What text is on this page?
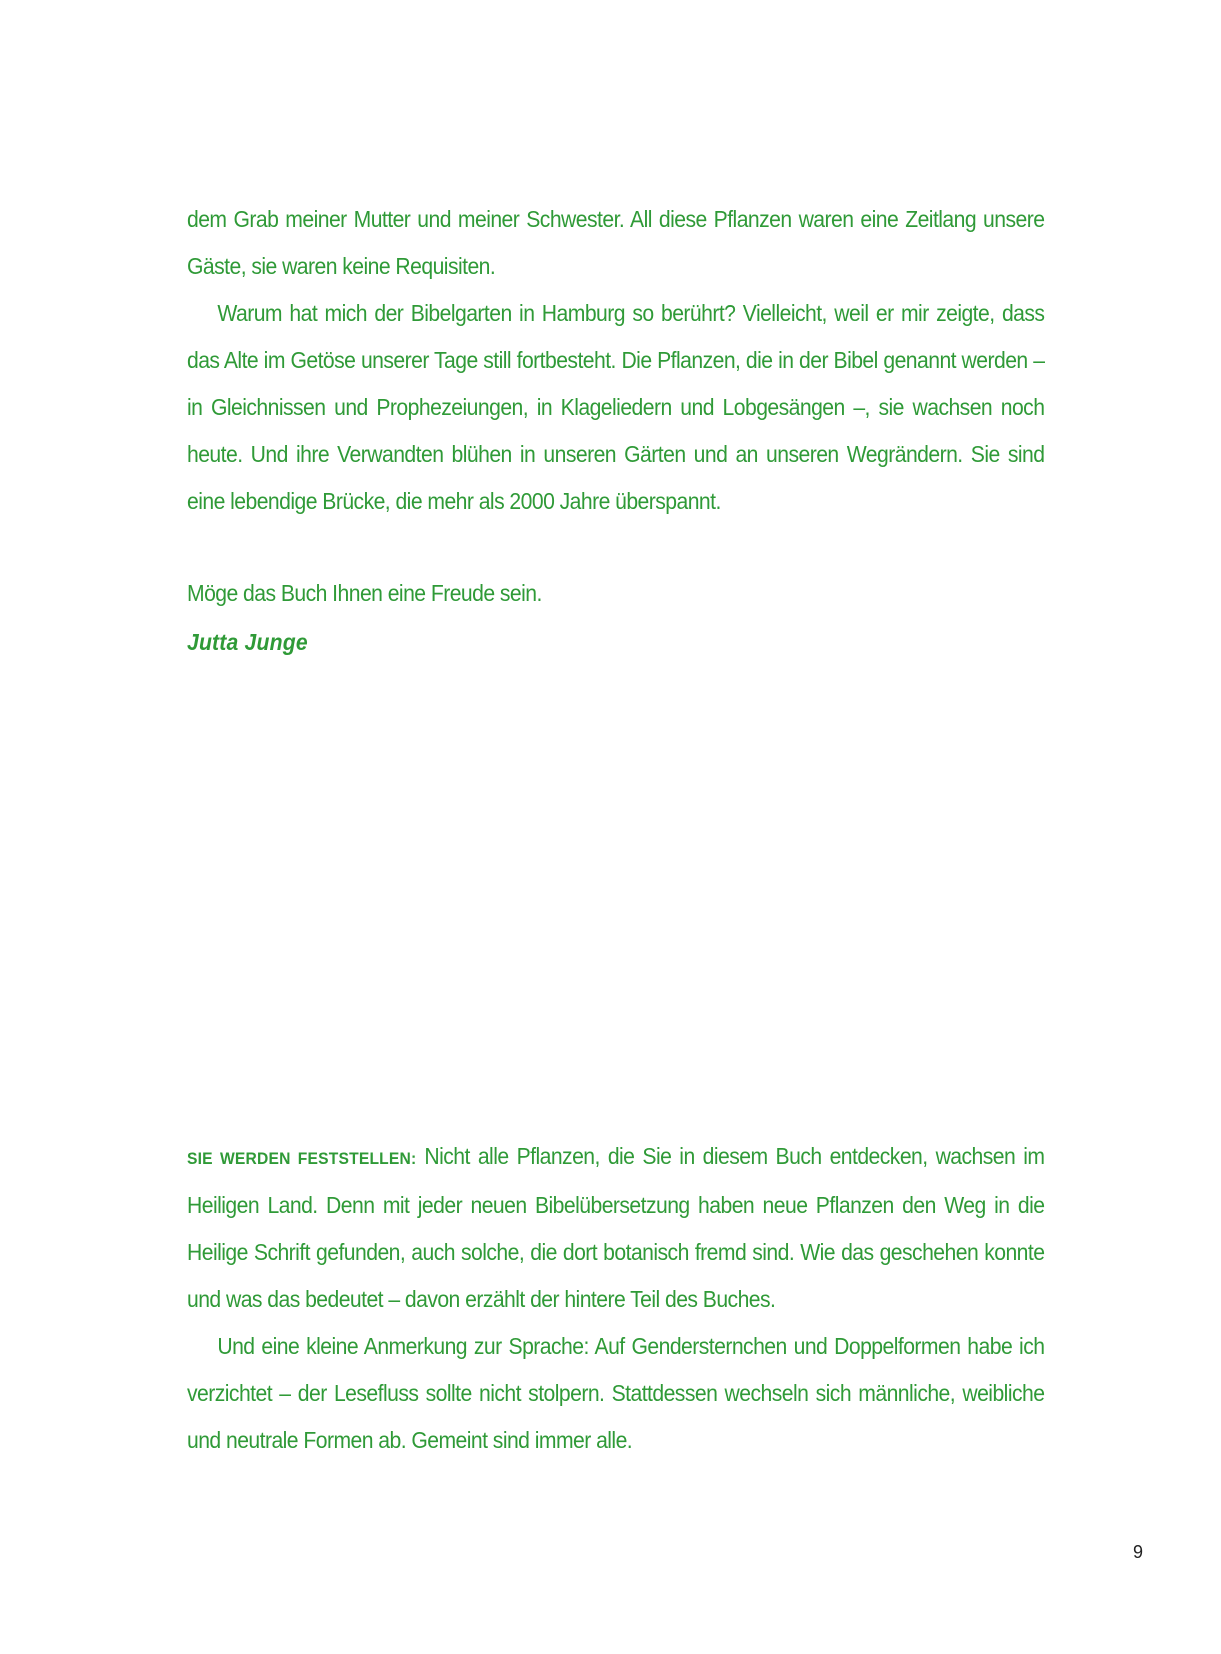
dem Grab meiner Mutter und meiner Schwester. All diese Pflanzen waren eine Zeitlang unsere Gäste, sie waren keine Requisiten.

Warum hat mich der Bibelgarten in Hamburg so berührt? Vielleicht, weil er mir zeigte, dass das Alte im Getöse unserer Tage still fortbesteht. Die Pflanzen, die in der Bibel genannt werden – in Gleichnissen und Prophezeiungen, in Klageliedern und Lobgesängen –, sie wachsen noch heute. Und ihre Verwandten blühen in unseren Gärten und an unseren Wegrändern. Sie sind eine lebendige Brücke, die mehr als 2000 Jahre überspannt.

Möge das Buch Ihnen eine Freude sein.

Jutta Junge

SIE WERDEN FESTSTELLEN: Nicht alle Pflanzen, die Sie in diesem Buch entdecken, wachsen im Heiligen Land. Denn mit jeder neuen Bibelübersetzung haben neue Pflanzen den Weg in die Heilige Schrift gefunden, auch solche, die dort botanisch fremd sind. Wie das geschehen konnte und was das bedeutet – davon erzählt der hintere Teil des Buches.

Und eine kleine Anmerkung zur Sprache: Auf Gendersternchen und Doppelformen habe ich verzichtet – der Lesefluss sollte nicht stolpern. Stattdessen wechseln sich männliche, weibliche und neutrale Formen ab. Gemeint sind immer alle.

9
